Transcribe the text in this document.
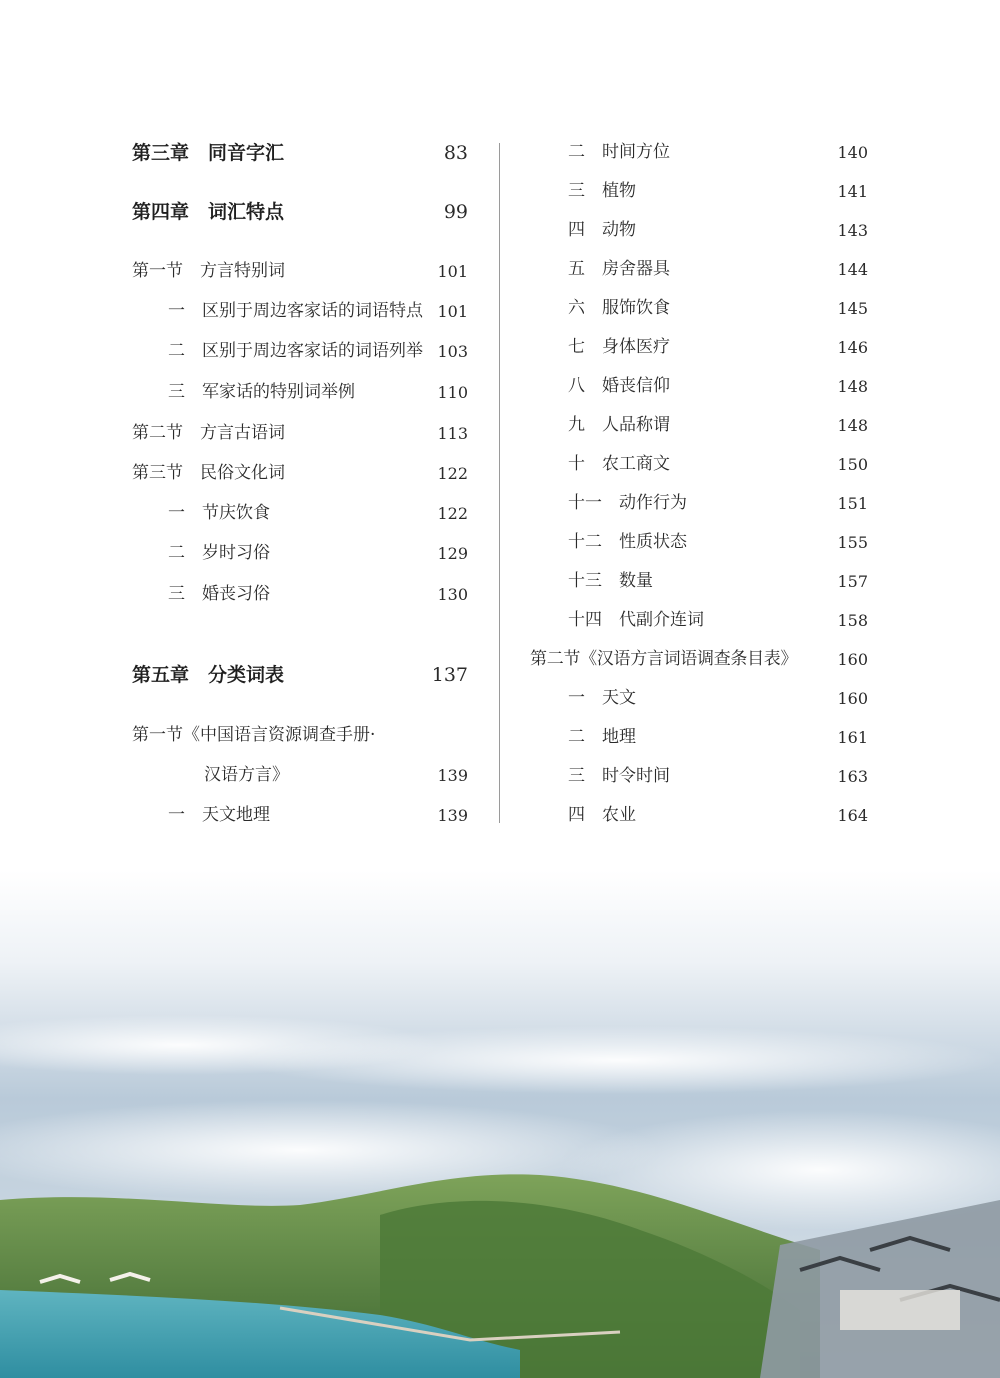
第三章　同音字汇	83
第四章　词汇特点	99
第一节　方言特别词	101
一　区别于周边客家话的词语特点 101
二　区别于周边客家话的词语列举 103
三　军家话的特别词举例	110
第二节　方言古语词	113
第三节　民俗文化词	122
一　节庆饮食	122
二　岁时习俗	129
三　婚丧习俗	130
第五章　分类词表	137
第一节《中国语言资源调查手册·
汉语方言》	139
一　天文地理	139
二　时间方位	140
三　植物	141
四　动物	143
五　房舍器具	144
六　服饰饮食	145
七　身体医疗	146
八　婚丧信仰	148
九　人品称谓	148
十　农工商文	150
十一　动作行为	151
十二　性质状态	155
十三　数量	157
十四　代副介连词	158
第二节《汉语方言词语调查条目表》	160
一　天文	160
二　地理	161
三　时令时间	163
四　农业	164
